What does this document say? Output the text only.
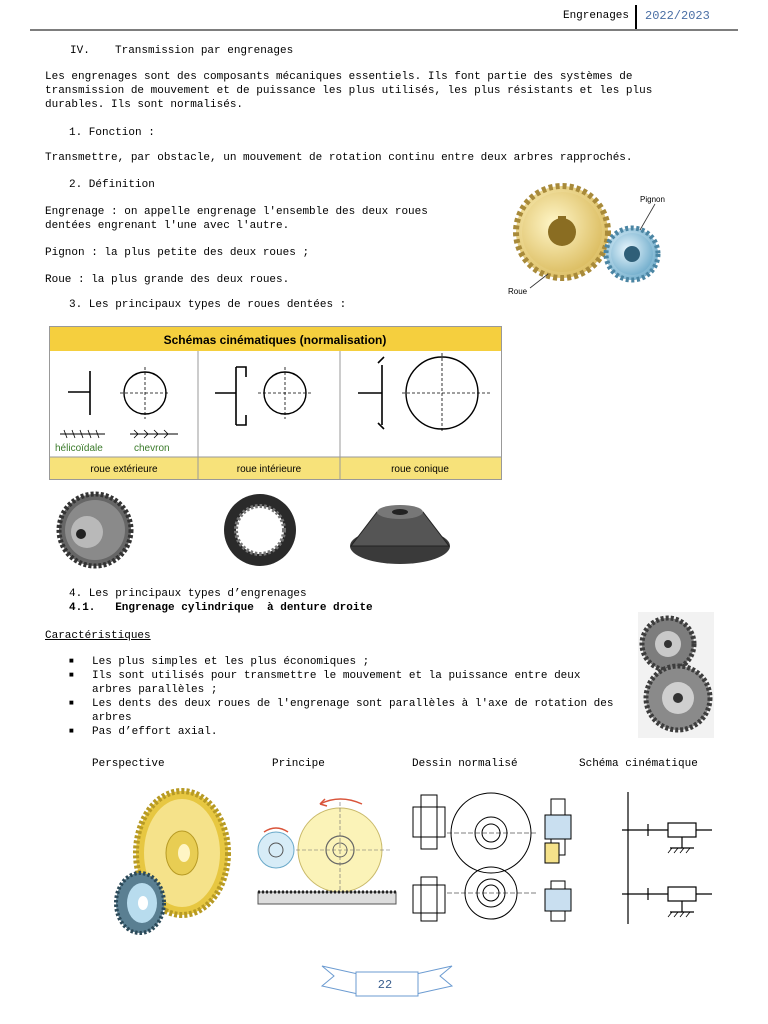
Engrenages 2022/2023
IV. Transmission par engrenages
Les engrenages sont des composants mécaniques essentiels. Ils font partie des systèmes de transmission de mouvement et de puissance les plus utilisés, les plus résistants et les plus durables. Ils sont normalisés.
1. Fonction :
Transmettre, par obstacle, un mouvement de rotation continu entre deux arbres rapprochés.
2. Définition
Engrenage : on appelle engrenage l'ensemble des deux roues dentées engrenant l'une avec l'autre.
Pignon : la plus petite des deux roues ;
Roue : la plus grande des deux roues.
3. Les principaux types de roues dentées :
Pignon
Roue
Schémas cinématiques (normalisation)
hélicoïdale	chevron
roue extérieure	roue intérieure	roue conique
4. Les principaux types d’engrenages
4.1.   Engrenage cylindrique  à denture droite
Caractéristiques
■ Les plus simples et les plus économiques ;
■ Ils sont utilisés pour transmettre le mouvement et la puissance entre deux arbres parallèles ;
■ Les dents des deux roues de l'engrenage sont parallèles à l'axe de rotation des arbres
■ Pas d’effort axial.
Perspective	Principe	Dessin normalisé	Schéma cinématique
22
